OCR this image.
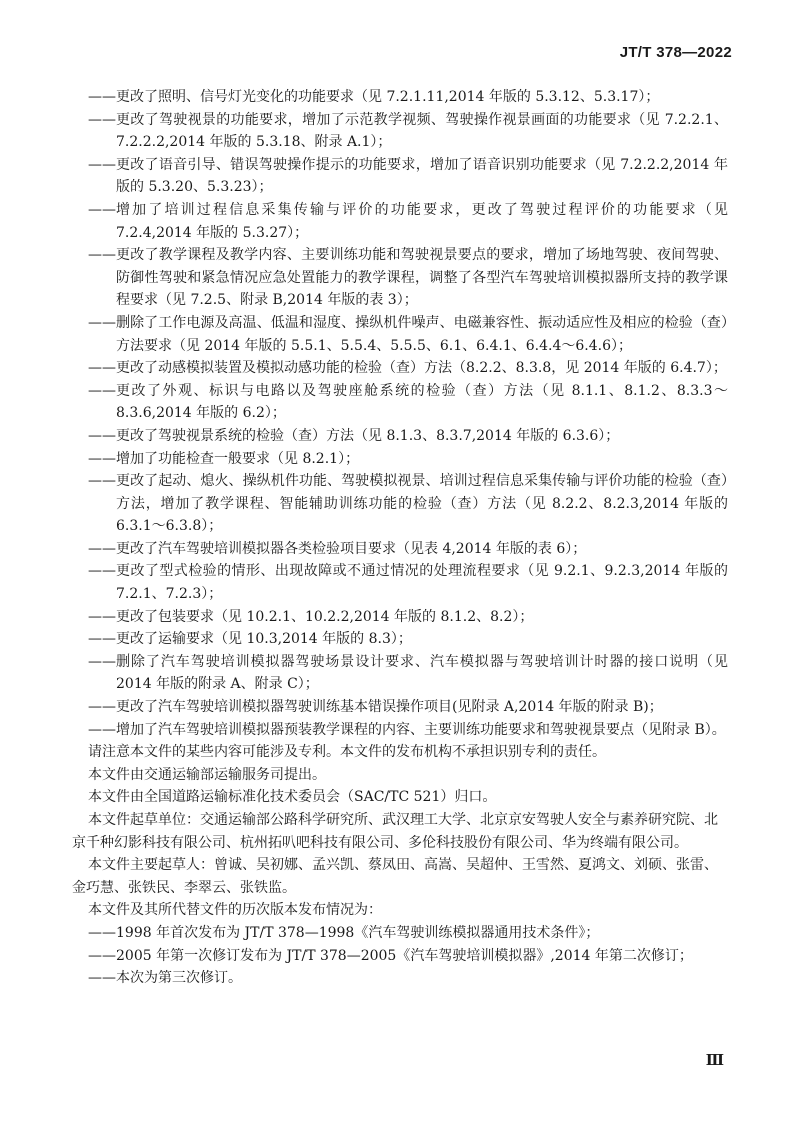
JT/T 378—2022

—— 更改了照明、信号灯光变化的功能要求（见 7.2.1.11,2014 年版的 5.3.12、5.3.17）；

—— 更改了驾驶视景的功能要求，增加了示范教学视频、驾驶操作视景画面的功能要求（见 7.2.2.1、7.2.2.2,2014 年版的 5.3.18、附录 A.1）；

—— 更改了语音引导、错误驾驶操作提示的功能要求，增加了语音识别功能要求（见 7.2.2.2,2014 年版的 5.3.20、5.3.23）；

—— 增加了培训过程信息采集传输与评价的功能要求，更改了驾驶过程评价的功能要求（见 7.2.4,2014 年版的 5.3.27）；

—— 更改了教学课程及教学内容、主要训练功能和驾驶视景要点的要求，增加了场地驾驶、夜间驾驶、防御性驾驶和紧急情况应急处置能力的教学课程，调整了各型汽车驾驶培训模拟器所支持的教学课程要求（见 7.2.5、附录 B,2014 年版的表 3）；

—— 删除了工作电源及高温、低温和湿度、操纵机件噪声、电磁兼容性、振动适应性及相应的检验（查）方法要求（见 2014 年版的 5.5.1、5.5.4、5.5.5、6.1、6.4.1、6.4.4～6.4.6）；

—— 更改了动感模拟装置及模拟动感功能的检验（查）方法（8.2.2、8.3.8，见 2014 年版的 6.4.7）；

—— 更改了外观、标识与电路以及驾驶座舱系统的检验（查）方法（见 8.1.1、8.1.2、8.3.3～8.3.6,2014 年版的 6.2）；

—— 更改了驾驶视景系统的检验（查）方法（见 8.1.3、8.3.7,2014 年版的 6.3.6）；

—— 增加了功能检查一般要求（见 8.2.1）；

—— 更改了起动、熄火、操纵机件功能、驾驶模拟视景、培训过程信息采集传输与评价功能的检验（查）方法，增加了教学课程、智能辅助训练功能的检验（查）方法（见 8.2.2、8.2.3,2014 年版的 6.3.1～6.3.8）；

—— 更改了汽车驾驶培训模拟器各类检验项目要求（见表 4,2014 年版的表 6）；

—— 更改了型式检验的情形、出现故障或不通过情况的处理流程要求（见 9.2.1、9.2.3,2014 年版的 7.2.1、7.2.3）；

—— 更改了包装要求（见 10.2.1、10.2.2,2014 年版的 8.1.2、8.2）；

—— 更改了运输要求（见 10.3,2014 年版的 8.3）；

—— 删除了汽车驾驶培训模拟器驾驶场景设计要求、汽车模拟器与驾驶培训计时器的接口说明（见 2014 年版的附录 A、附录 C）；

—— 更改了汽车驾驶培训模拟器驾驶训练基本错误操作项目(见附录 A,2014 年版的附录 B)；

—— 增加了汽车驾驶培训模拟器预装教学课程的内容、主要训练功能要求和驾驶视景要点（见附录 B）。

请注意本文件的某些内容可能涉及专利。本文件的发布机构不承担识别专利的责任。

本文件由交通运输部运输服务司提出。

本文件由全国道路运输标准化技术委员会（SAC/TC 521）归口。

本文件起草单位：交通运输部公路科学研究所、武汉理工大学、北京京安驾驶人安全与素养研究院、北京千种幻影科技有限公司、杭州拓叭吧科技有限公司、多伦科技股份有限公司、华为终端有限公司。

本文件主要起草人：曾诚、吴初娜、孟兴凯、蔡凤田、高嵩、吴超仲、王雪然、夏鸿文、刘硕、张雷、金巧慧、张铁民、李翠云、张铁监。

本文件及其所代替文件的历次版本发布情况为：

—— 1998 年首次发布为 JT/T 378—1998《汽车驾驶训练模拟器通用技术条件》；

—— 2005 年第一次修订发布为 JT/T 378—2005《汽车驾驶培训模拟器》,2014 年第二次修订；

—— 本次为第三次修订。

Ⅲ
